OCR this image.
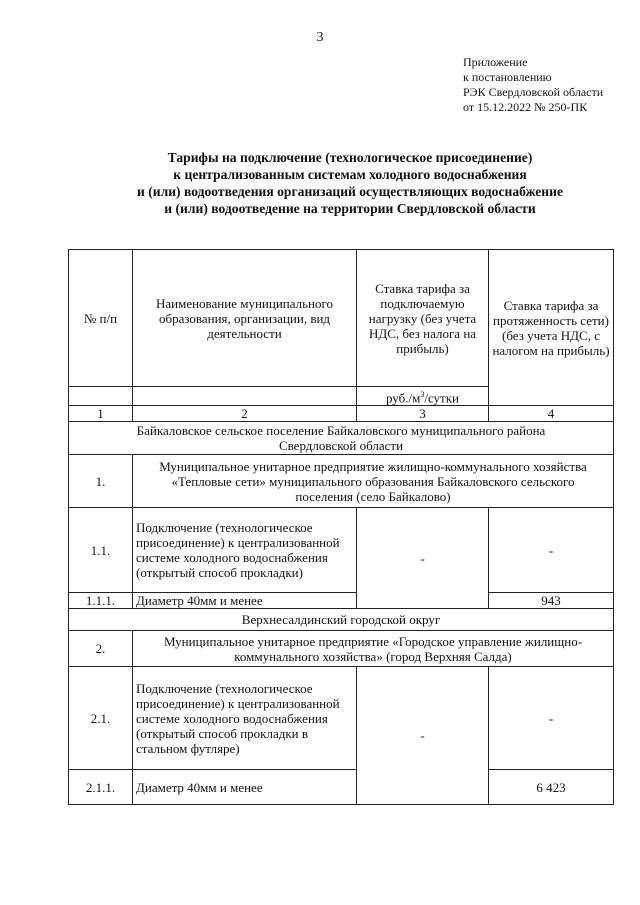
3
Приложение
к постановлению
РЭК Свердловской области
от 15.12.2022 № 250-ПК
Тарифы на подключение (технологическое присоединение)
к централизованным системам холодного водоснабжения
и (или) водоотведения организаций осуществляющих водоснабжение
и (или) водоотведение на территории Свердловской области
№ п/п	Наименование муниципального образования, организации, вид деятельности	Ставка тарифа за подключаемую нагрузку (без учета НДС, без налога на прибыль)	Ставка тарифа за протяженность сети) (без учета НДС, с налогом на прибыль)
		$руб./м^3$/сутки	
1	2	3	4
Байкаловское сельское поселение Байкаловского муниципального района Свердловской области			
1.	Муниципальное унитарное предприятие жилищно-коммунального хозяйства «Тепловые сети» муниципального образования Байкаловского сельского поселения (село Байкалово)		
1.1.	Подключение (технологическое присоединение) к централизованной системе холодного водоснабжения (открытый способ прокладки)	-	-
1.1.1.	Диаметр 40мм и менее		943
Верхнесалдинский городской округ			
2.	Муниципальное унитарное предприятие «Городское управление жилищно-коммунального хозяйства» (город Верхняя Салда)		
2.1.	Подключение (технологическое присоединение) к централизованной системе холодного водоснабжения (открытый способ прокладки в стальном футляре)	-	-
2.1.1.	Диаметр 40мм и менее		6 423
